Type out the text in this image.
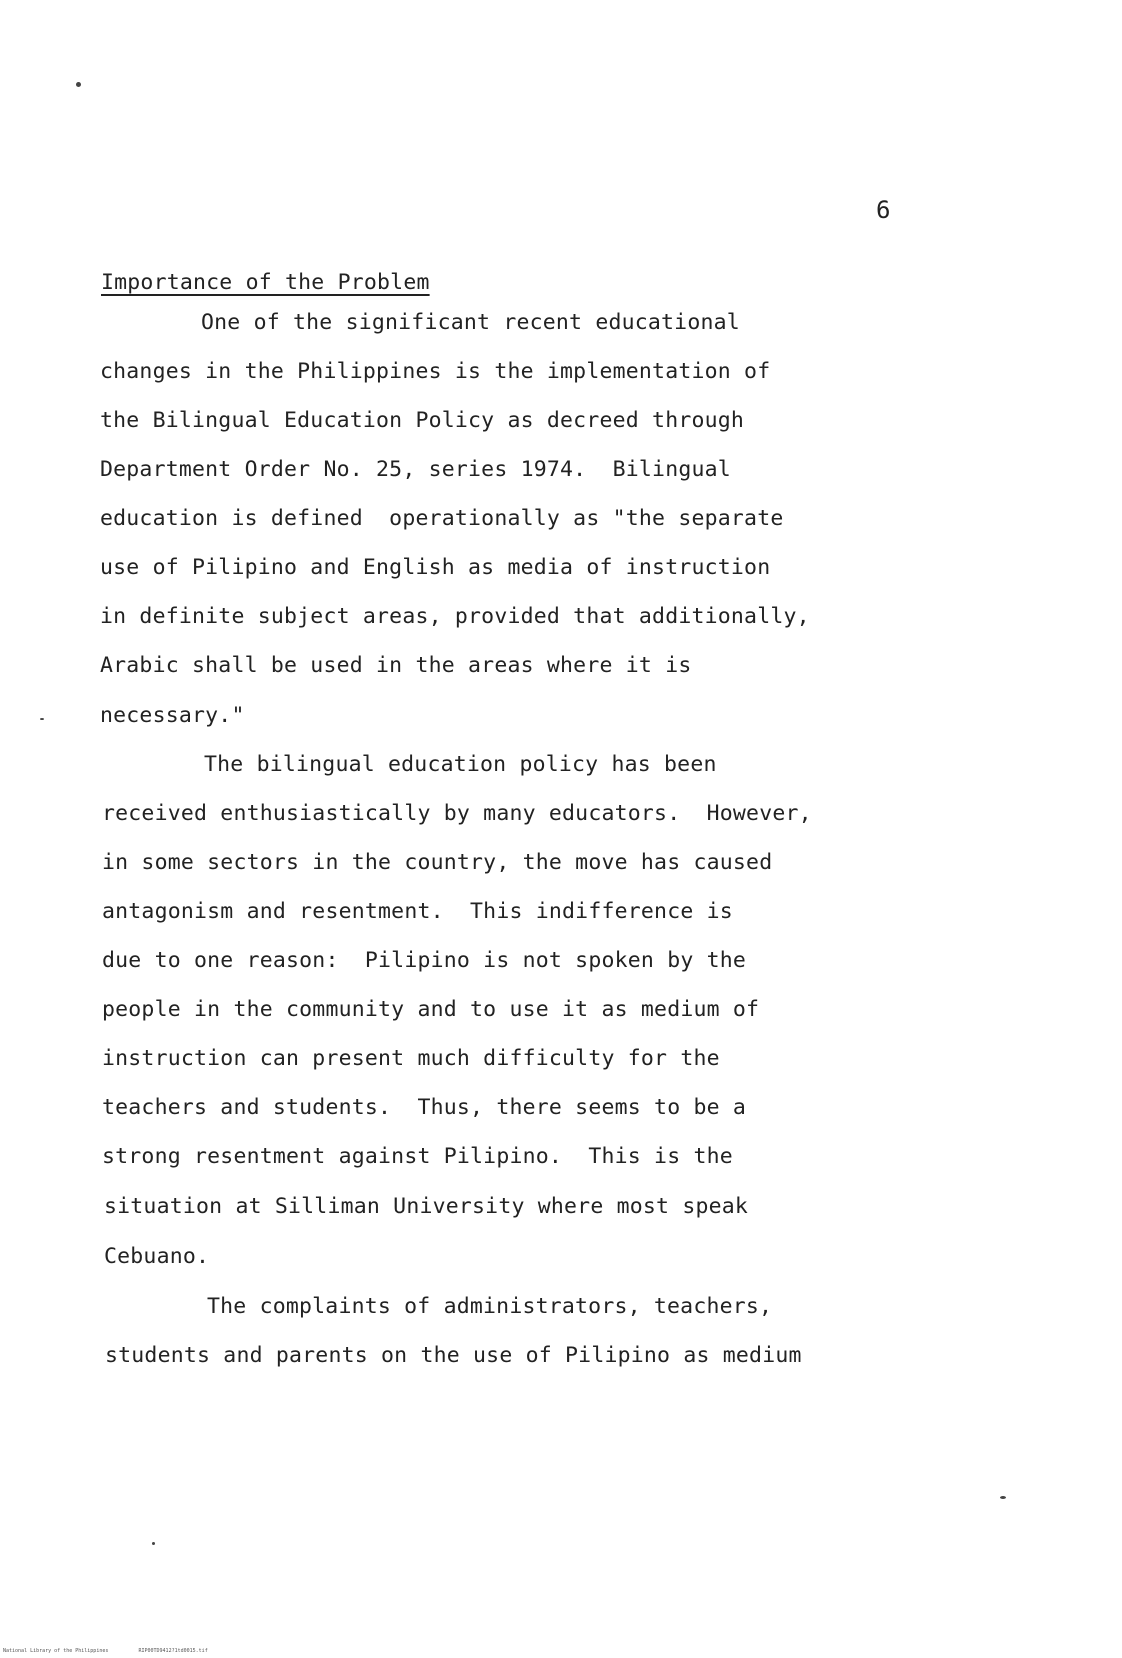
6
Importance of the Problem
One of the significant recent educational
changes in the Philippines is the implementation of
the Bilingual Education Policy as decreed through
Department Order No. 25, series 1974.  Bilingual
education is defined  operationally as "the separate
use of Pilipino and English as media of instruction
in definite subject areas, provided that additionally,
Arabic shall be used in the areas where it is
necessary."
The bilingual education policy has been
received enthusiastically by many educators.  However,
in some sectors in the country, the move has caused
antagonism and resentment.  This indifference is
due to one reason:  Pilipino is not spoken by the
people in the community and to use it as medium of
instruction can present much difficulty for the
teachers and students.  Thus, there seems to be a
strong resentment against Pilipino.  This is the
situation at Silliman University where most speak
Cebuano.
The complaints of administrators, teachers,
students and parents on the use of Pilipino as medium
National Library of the Philippines	RIP00TD9412?1td0015.tif
